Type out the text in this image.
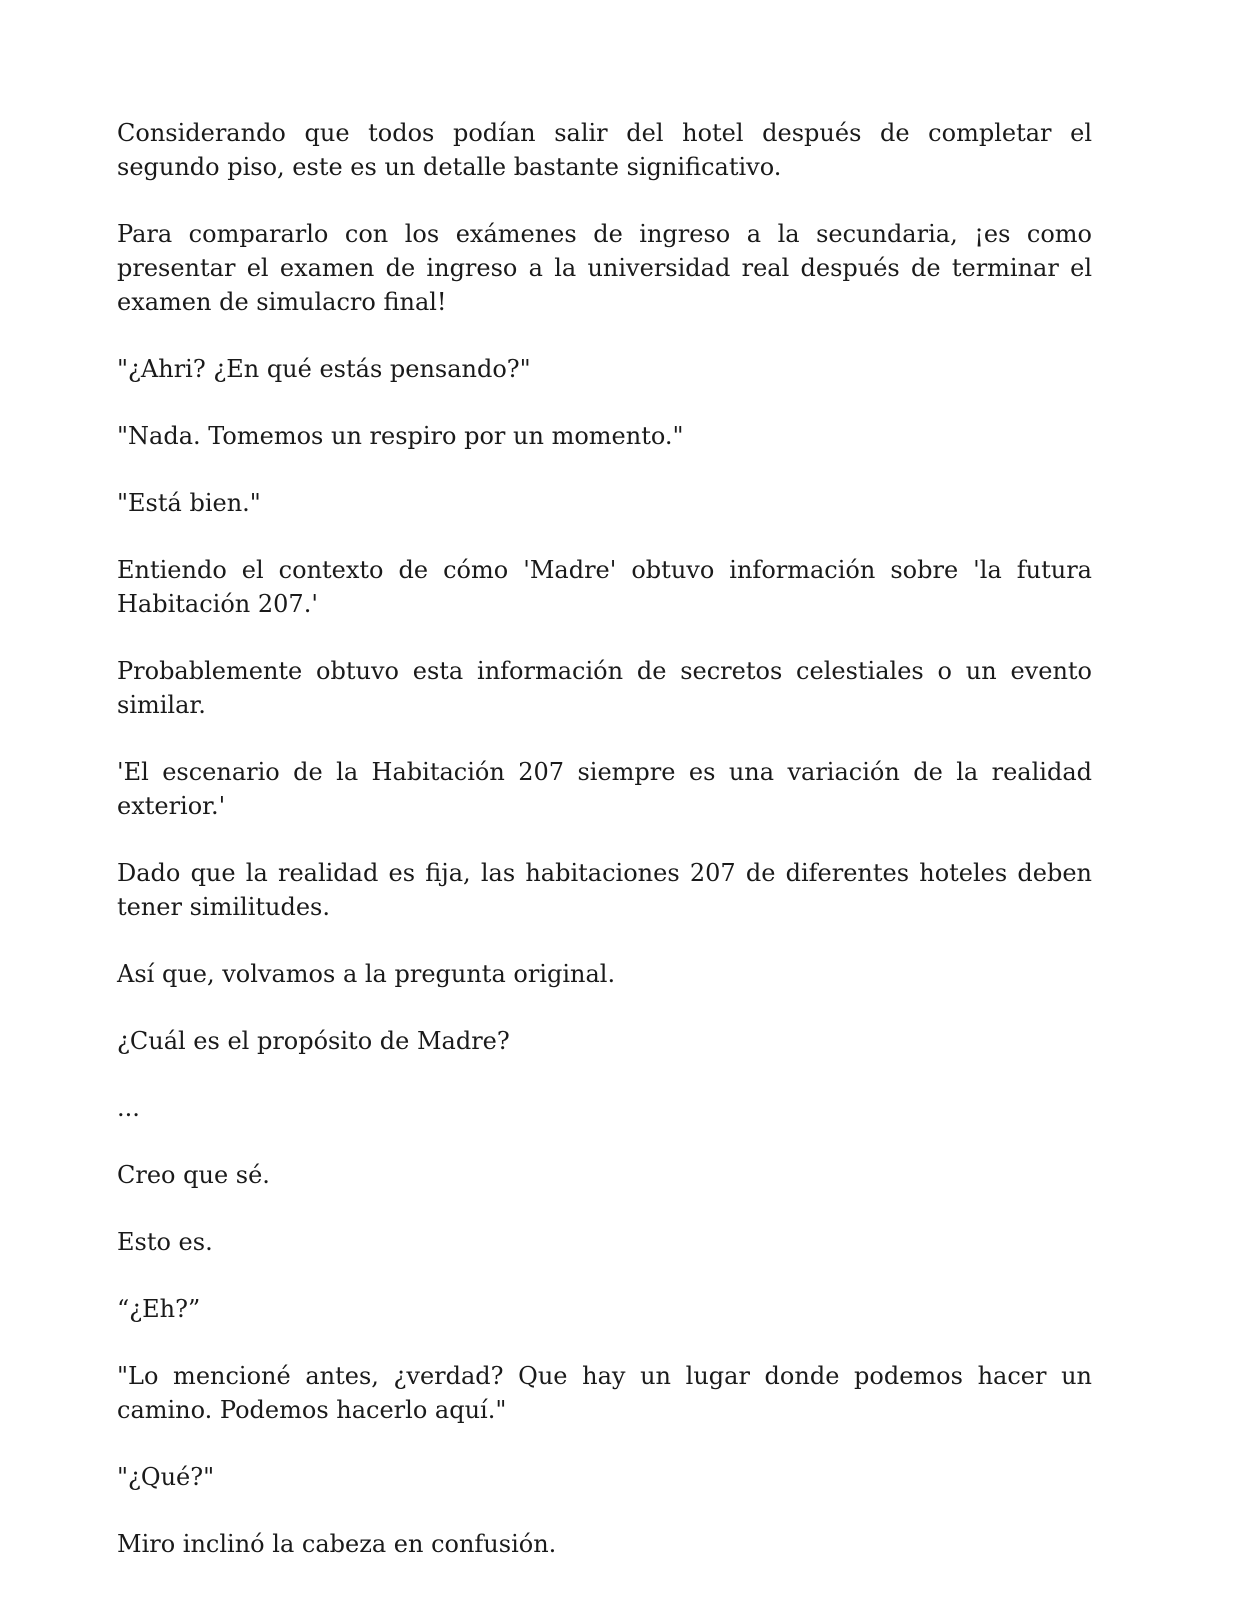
Considerando que todos podían salir del hotel después de completar el segundo piso, este es un detalle bastante significativo.

Para compararlo con los exámenes de ingreso a la secundaria, ¡es como presentar el examen de ingreso a la universidad real después de terminar el examen de simulacro final!

"¿Ahri? ¿En qué estás pensando?"

"Nada. Tomemos un respiro por un momento."

"Está bien."

Entiendo el contexto de cómo 'Madre' obtuvo información sobre 'la futura Habitación 207.'

Probablemente obtuvo esta información de secretos celestiales o un evento similar.

'El escenario de la Habitación 207 siempre es una variación de la realidad exterior.'

Dado que la realidad es fija, las habitaciones 207 de diferentes hoteles deben tener similitudes.

Así que, volvamos a la pregunta original.

¿Cuál es el propósito de Madre?

...

Creo que sé.

Esto es.

“¿Eh?”

"Lo mencioné antes, ¿verdad? Que hay un lugar donde podemos hacer un camino. Podemos hacerlo aquí."

"¿Qué?"

Miro inclinó la cabeza en confusión.
